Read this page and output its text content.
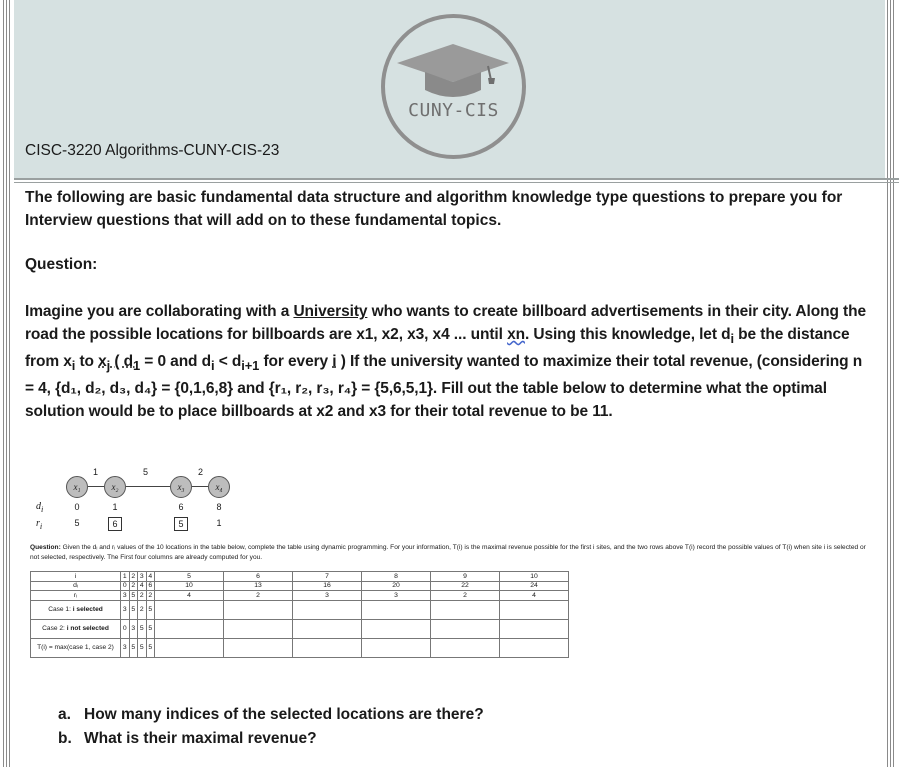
CUNY-CIS
CISC-3220 Algorithms-CUNY-CIS-23
The following are basic fundamental data structure and algorithm knowledge type questions to prepare you for Interview questions that will add on to these fundamental topics.
Question:
Imagine you are collaborating with a University who wants to create billboard advertisements in their city. Along the road the possible locations for billboards are x1, x2, x3, x4 ... until xn. Using this knowledge, let $d_i$ be the distance from $x_i$ to $x_j$ ( $d_1 = 0$ and $d_i < d_{i+1}$ for every i ) If the university wanted to maximize their total revenue, (considering n = 4, {d₁, d₂, d₃, d₄} = {0,1,6,8} and {r₁, r₂, r₃, r₄} = {5,6,5,1}. Fill out the table below to determine what the optimal solution would be to place billboards at x2 and x3 for their total revenue to be 11.
1	5	2
x₁	x₂	x₃	x₄
$d_i$
$r_i$
0	1	6	8
5	6	5	1
Question: Given the dᵢ and rᵢ values of the 10 locations in the table below, complete the table using dynamic programming. For your information, T(i) is the maximal revenue possible for the first i sites, and the two rows above T(i) record the possible values of T(i) when site i is selected or not selected, respectively. The First four columns are already computed for you.
i	1	2	3	4	5	6	7	8	9	10
dᵢ	0	2	4	6	10	13	16	20	22	24
rᵢ	3	5	2	2	4	2	3	3	2	4
Case 1: i selected	3	5	2	5						
Case 2: i not selected	0	3	5	5						
T(i) = max(case 1, case 2)	3	5	5	5						
a. How many indices of the selected locations are there?
b. What is their maximal revenue?
